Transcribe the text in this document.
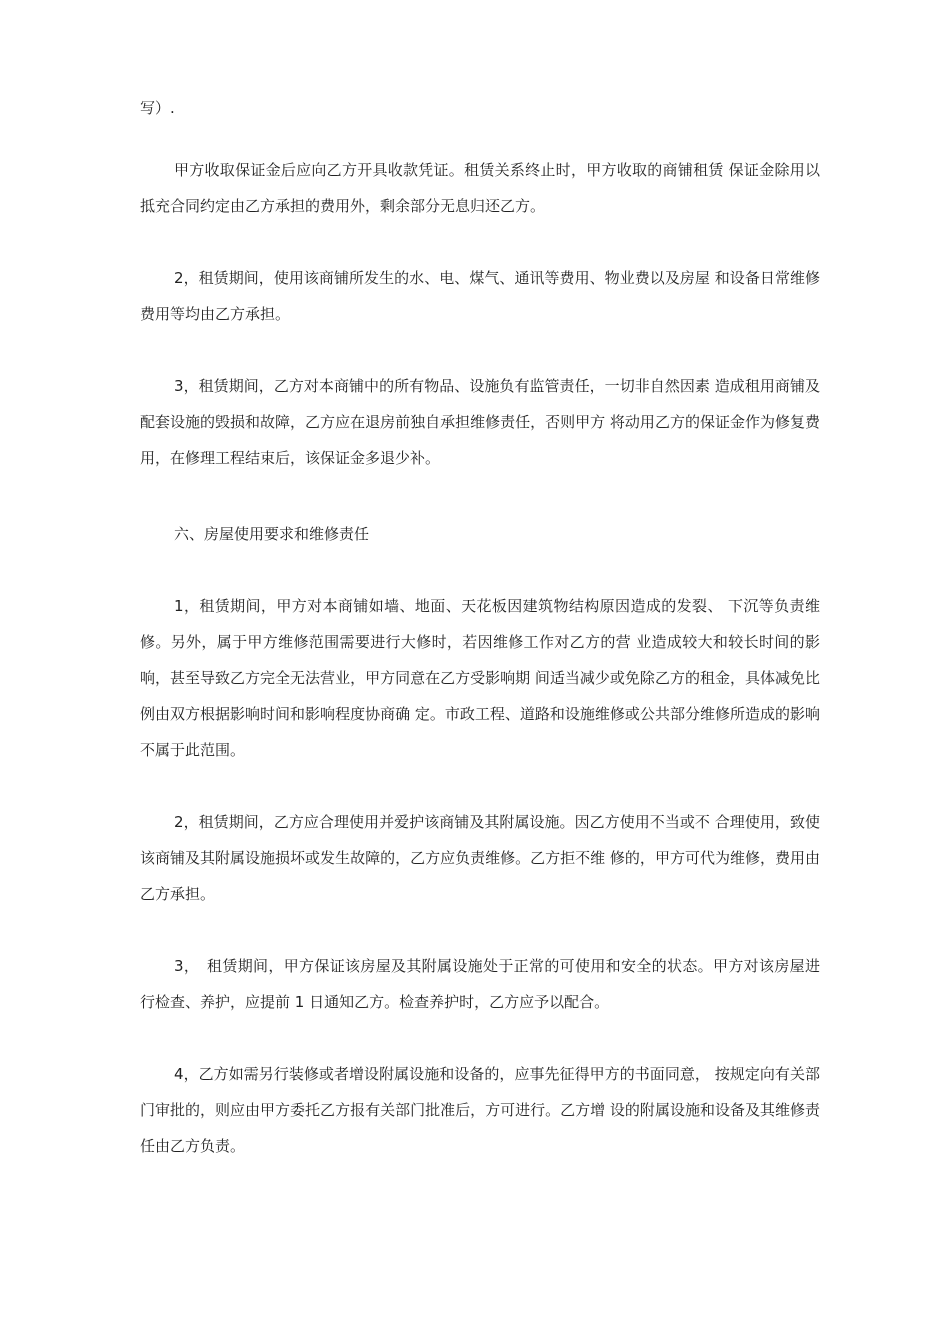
写）.

甲方收取保证金后应向乙方开具收款凭证。租赁关系终止时，甲方收取的商铺租赁 保证金除用以抵充合同约定由乙方承担的费用外，剩余部分无息归还乙方。

2，租赁期间，使用该商铺所发生的水、电、煤气、通讯等费用、物业费以及房屋 和设备日常维修费用等均由乙方承担。

3，租赁期间，乙方对本商铺中的所有物品、设施负有监管责任，一切非自然因素 造成租用商铺及配套设施的毁损和故障，乙方应在退房前独自承担维修责任，否则甲方 将动用乙方的保证金作为修复费用，在修理工程结束后，该保证金多退少补。

六、房屋使用要求和维修责任

1，租赁期间，甲方对本商铺如墙、地面、天花板因建筑物结构原因造成的发裂、 下沉等负责维修。另外，属于甲方维修范围需要进行大修时，若因维修工作对乙方的营 业造成较大和较长时间的影响，甚至导致乙方完全无法营业，甲方同意在乙方受影响期 间适当减少或免除乙方的租金，具体减免比例由双方根据影响时间和影响程度协商确 定。市政工程、道路和设施维修或公共部分维修所造成的影响不属于此范围。

2，租赁期间，乙方应合理使用并爱护该商铺及其附属设施。因乙方使用不当或不 合理使用，致使该商铺及其附属设施损坏或发生故障的，乙方应负责维修。乙方拒不维 修的，甲方可代为维修，费用由乙方承担。

3，　租赁期间，甲方保证该房屋及其附属设施处于正常的可使用和安全的状态。甲方对该房屋进行检查、养护，应提前 1 日通知乙方。检查养护时，乙方应予以配合。

4，乙方如需另行装修或者增设附属设施和设备的，应事先征得甲方的书面同意， 按规定向有关部门审批的，则应由甲方委托乙方报有关部门批准后，方可进行。乙方增 设的附属设施和设备及其维修责任由乙方负责。
